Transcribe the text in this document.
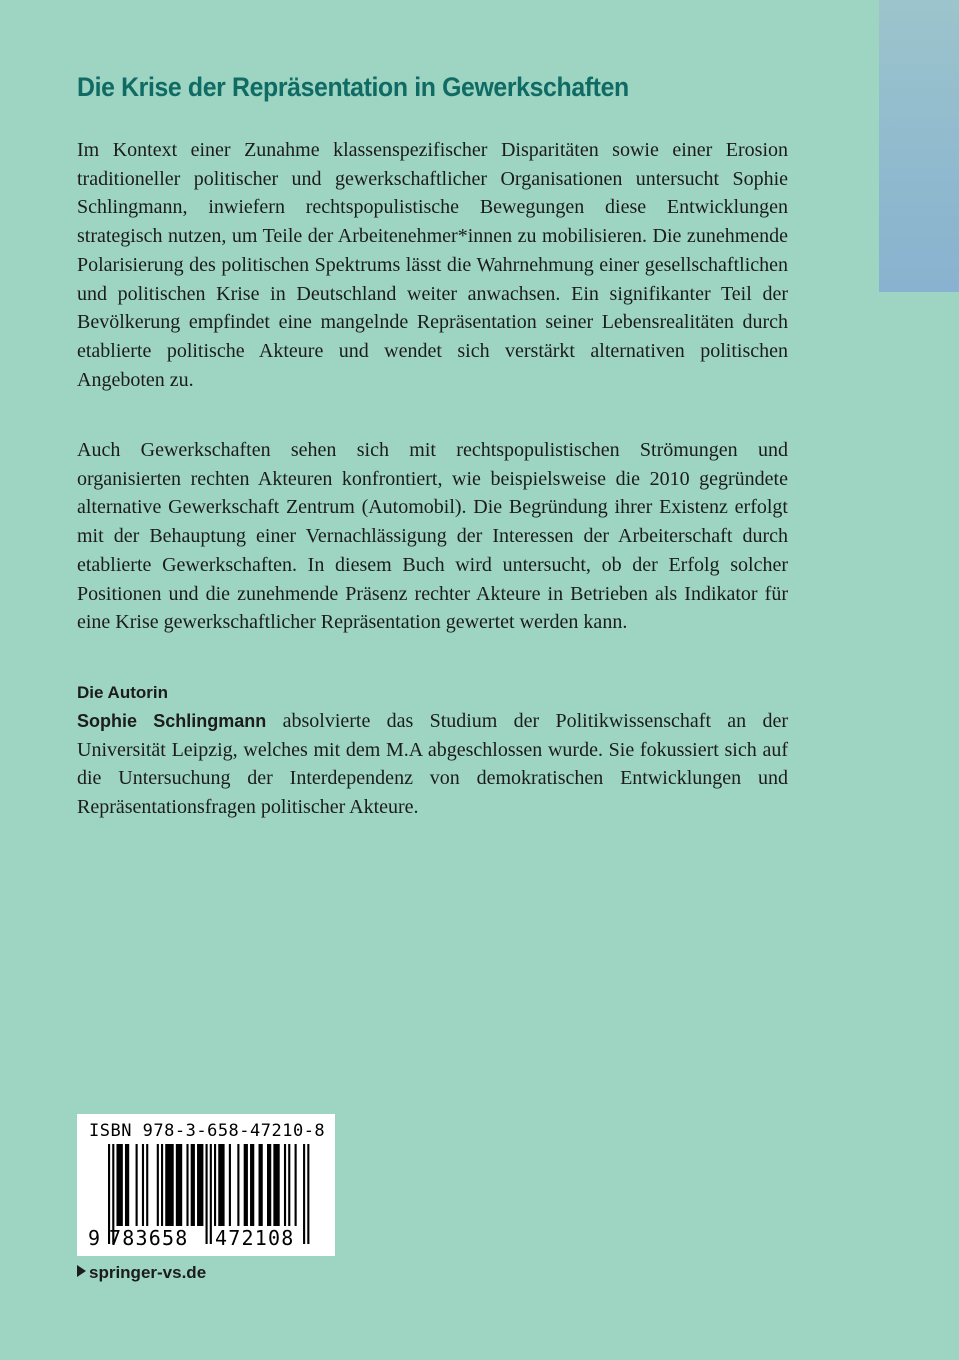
Die Krise der Repräsentation in Gewerkschaften

Im Kontext einer Zunahme klassenspezifischer Disparitäten sowie einer Erosion traditioneller politischer und gewerkschaftlicher Organisationen untersucht Sophie Schlingmann, inwiefern rechtspopulistische Bewegungen diese Entwicklungen strategisch nutzen, um Teile der Arbeitenehmer*innen zu mobilisieren. Die zunehmende Polarisierung des politischen Spektrums lässt die Wahrnehmung einer gesellschaftlichen und politischen Krise in Deutschland weiter anwachsen. Ein signifikanter Teil der Bevölkerung empfindet eine mangelnde Repräsentation seiner Lebensrealitäten durch etablierte politische Akteure und wendet sich verstärkt alternativen politischen Angeboten zu.

Auch Gewerkschaften sehen sich mit rechtspopulistischen Strömungen und organisierten rechten Akteuren konfrontiert, wie beispielsweise die 2010 gegründete alternative Gewerkschaft Zentrum (Automobil). Die Begründung ihrer Existenz erfolgt mit der Behauptung einer Vernachlässigung der Interessen der Arbeiterschaft durch etablierte Gewerkschaften. In diesem Buch wird untersucht, ob der Erfolg solcher Positionen und die zunehmende Präsenz rechter Akteure in Betrieben als Indikator für eine Krise gewerkschaftlicher Repräsentation gewertet werden kann.

Die Autorin

Sophie Schlingmann absolvierte das Studium der Politikwissenschaft an der Universität Leipzig, welches mit dem M.A abgeschlossen wurde. Sie fokussiert sich auf die Untersuchung der Interdependenz von demokratischen Entwicklungen und Repräsentationsfragen politischer Akteure.

ISBN 978-3-658-47210-8
9 783658 472108
springer-vs.de
